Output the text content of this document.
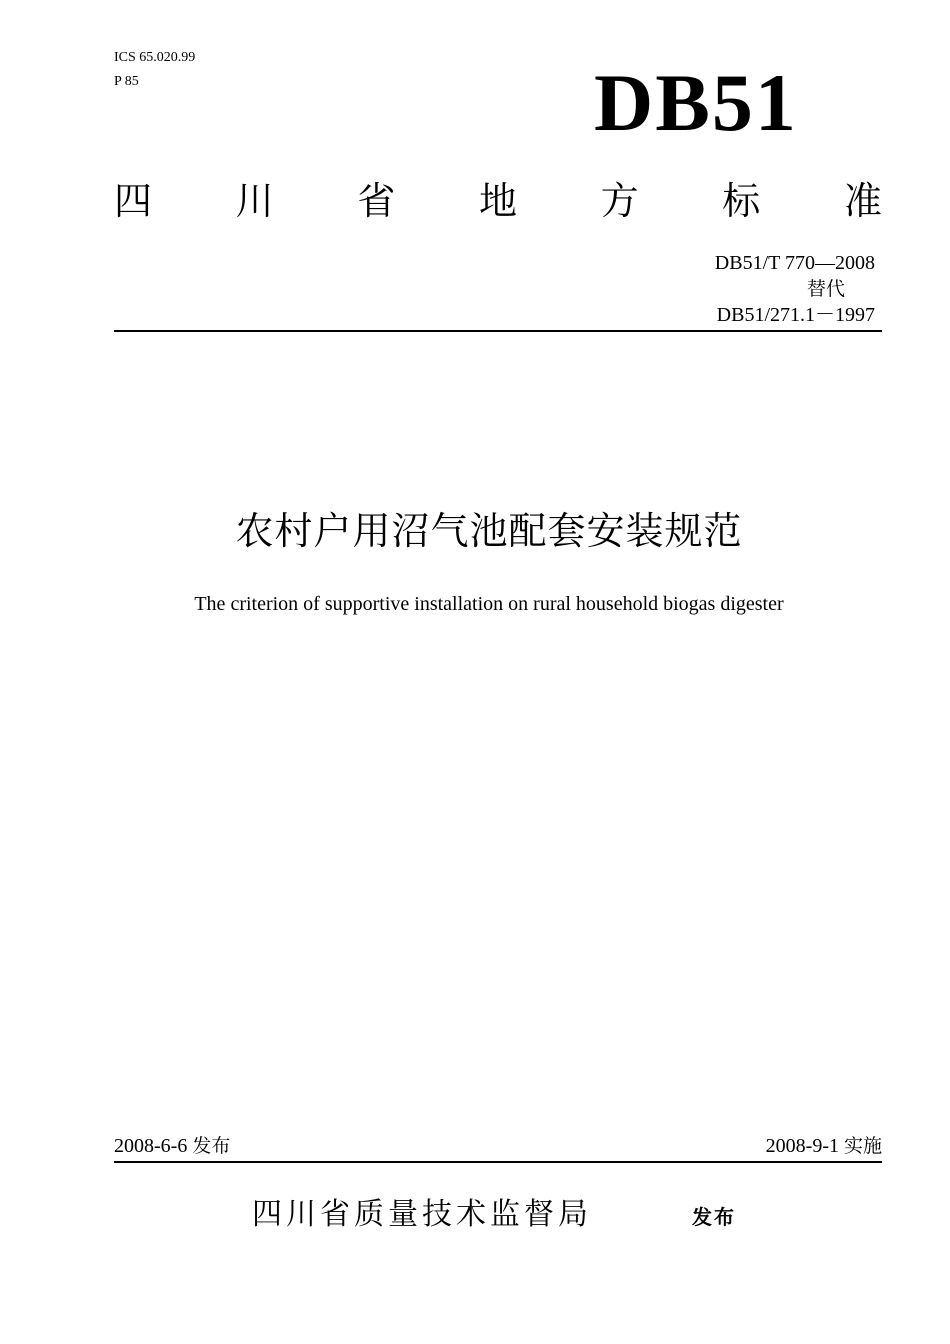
ICS 65.020.99
P 85	DB51
四 川 省 地 方 标 准
DB51/T 770—2008
替代
DB51/271.1－1997
农村户用沼气池配套安装规范
The criterion of supportive installation on rural household biogas digester
2008-6-6 发布	2008-9-1 实施
四川省质量技术监督局	发布
